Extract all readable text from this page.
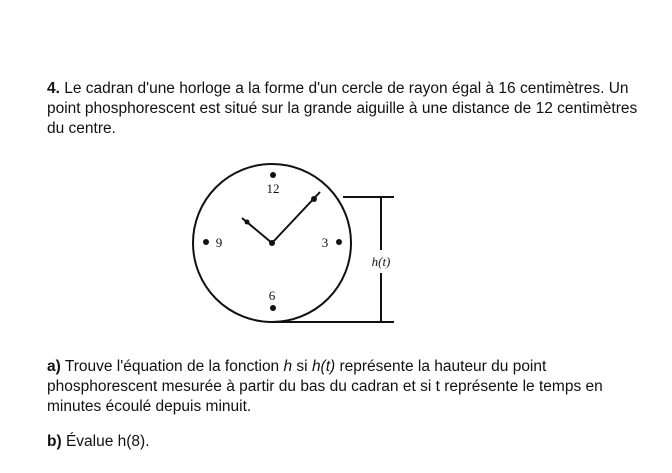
4. Le cadran d'une horloge a la forme d'un cercle de rayon égal à 16 centimètres. Un point phosphorescent est situé sur la grande aiguille à une distance de 12 centimètres du centre.

12
3
6
9
h(t)

a) Trouve l'équation de la fonction h si h(t) représente la hauteur du point phosphorescent mesurée à partir du bas du cadran et si t représente le temps en minutes écoulé depuis minuit.

b) Évalue h(8).
